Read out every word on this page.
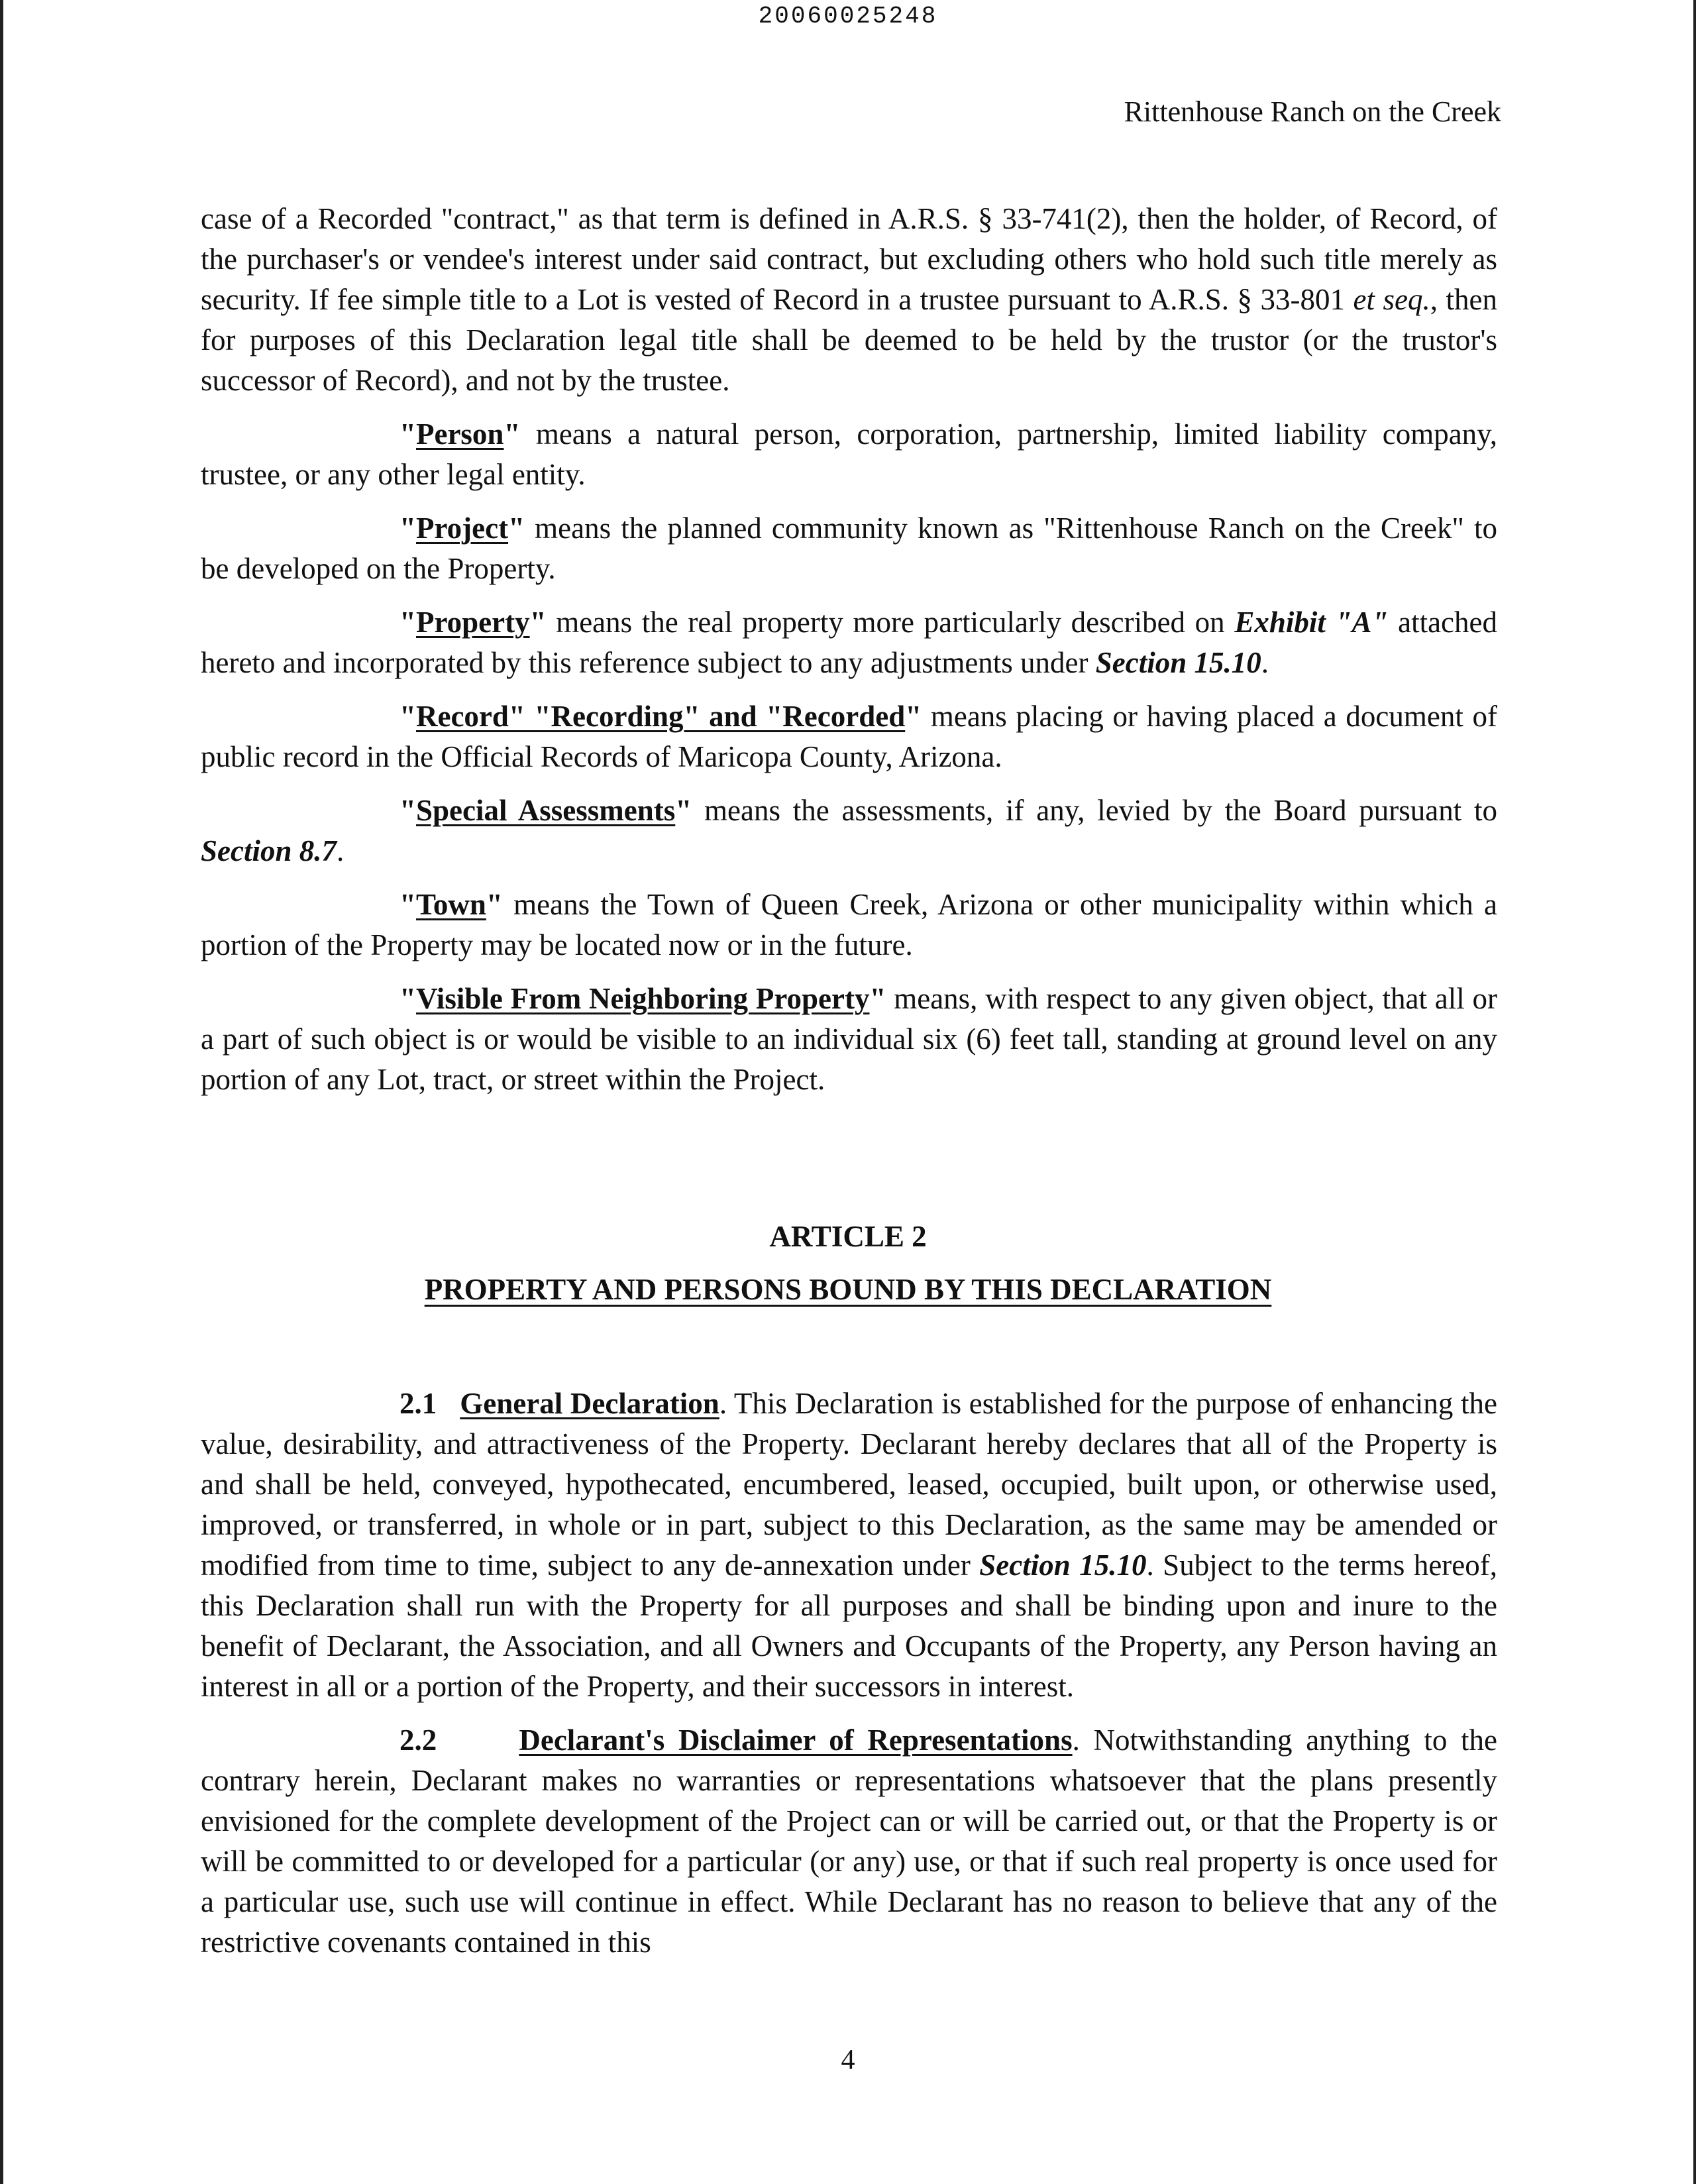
20060025248
Rittenhouse Ranch on the Creek

case of a Recorded "contract," as that term is defined in A.R.S. § 33-741(2), then the holder, of Record, of the purchaser's or vendee's interest under said contract, but excluding others who hold such title merely as security. If fee simple title to a Lot is vested of Record in a trustee pursuant to A.R.S. § 33-801 et seq., then for purposes of this Declaration legal title shall be deemed to be held by the trustor (or the trustor's successor of Record), and not by the trustee.

"Person" means a natural person, corporation, partnership, limited liability company, trustee, or any other legal entity.

"Project" means the planned community known as "Rittenhouse Ranch on the Creek" to be developed on the Property.

"Property" means the real property more particularly described on Exhibit "A" attached hereto and incorporated by this reference subject to any adjustments under Section 15.10.

"Record" "Recording" and "Recorded" means placing or having placed a document of public record in the Official Records of Maricopa County, Arizona.

"Special Assessments" means the assessments, if any, levied by the Board pursuant to Section 8.7.

"Town" means the Town of Queen Creek, Arizona or other municipality within which a portion of the Property may be located now or in the future.

"Visible From Neighboring Property" means, with respect to any given object, that all or a part of such object is or would be visible to an individual six (6) feet tall, standing at ground level on any portion of any Lot, tract, or street within the Project.

ARTICLE 2
PROPERTY AND PERSONS BOUND BY THIS DECLARATION

2.1 General Declaration. This Declaration is established for the purpose of enhancing the value, desirability, and attractiveness of the Property. Declarant hereby declares that all of the Property is and shall be held, conveyed, hypothecated, encumbered, leased, occupied, built upon, or otherwise used, improved, or transferred, in whole or in part, subject to this Declaration, as the same may be amended or modified from time to time, subject to any de-annexation under Section 15.10. Subject to the terms hereof, this Declaration shall run with the Property for all purposes and shall be binding upon and inure to the benefit of Declarant, the Association, and all Owners and Occupants of the Property, any Person having an interest in all or a portion of the Property, and their successors in interest.

2.2	Declarant's Disclaimer of Representations. Notwithstanding anything to the contrary herein, Declarant makes no warranties or representations whatsoever that the plans presently envisioned for the complete development of the Project can or will be carried out, or that the Property is or will be committed to or developed for a particular (or any) use, or that if such real property is once used for a particular use, such use will continue in effect. While Declarant has no reason to believe that any of the restrictive covenants contained in this

4
